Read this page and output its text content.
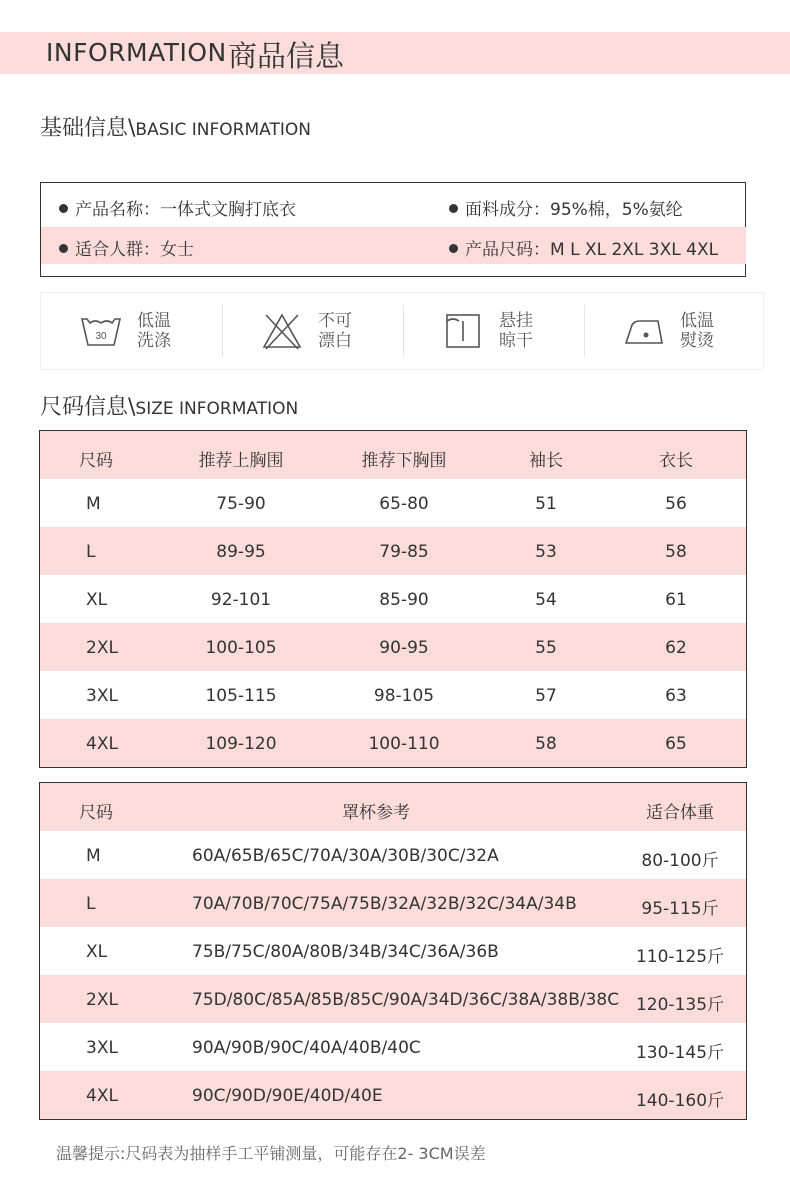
INFORMATION 商品信息
基础信息\BASIC INFORMATION
产品名称：一体式文胸打底衣	面料成分：95%棉，5%氨纶
适合人群：女士	产品尺码：M L XL 2XL 3XL 4XL
30
低温
洗涤
不可
漂白
悬挂
晾干
低温
熨烫
尺码信息\SIZE INFORMATION
尺码	推荐上胸围	推荐下胸围	袖长	衣长
M	75-90	65-80	51	56
L	89-95	79-85	53	58
XL	92-101	85-90	54	61
2XL	100-105	90-95	55	62
3XL	105-115	98-105	57	63
4XL	109-120	100-110	58	65
尺码	罩杯参考	适合体重
M	60A/65B/65C/70A/30A/30B/30C/32A	80-100斤
L	70A/70B/70C/75A/75B/32A/32B/32C/34A/34B	95-115斤
XL	75B/75C/80A/80B/34B/34C/36A/36B	110-125斤
2XL	75D/80C/85A/85B/85C/90A/34D/36C/38A/38B/38C 120-135斤
3XL	90A/90B/90C/40A/40B/40C	130-145斤
4XL	90C/90D/90E/40D/40E	140-160斤
温馨提示:尺码表为抽样手工平铺测量，可能存在2- 3CM误差
